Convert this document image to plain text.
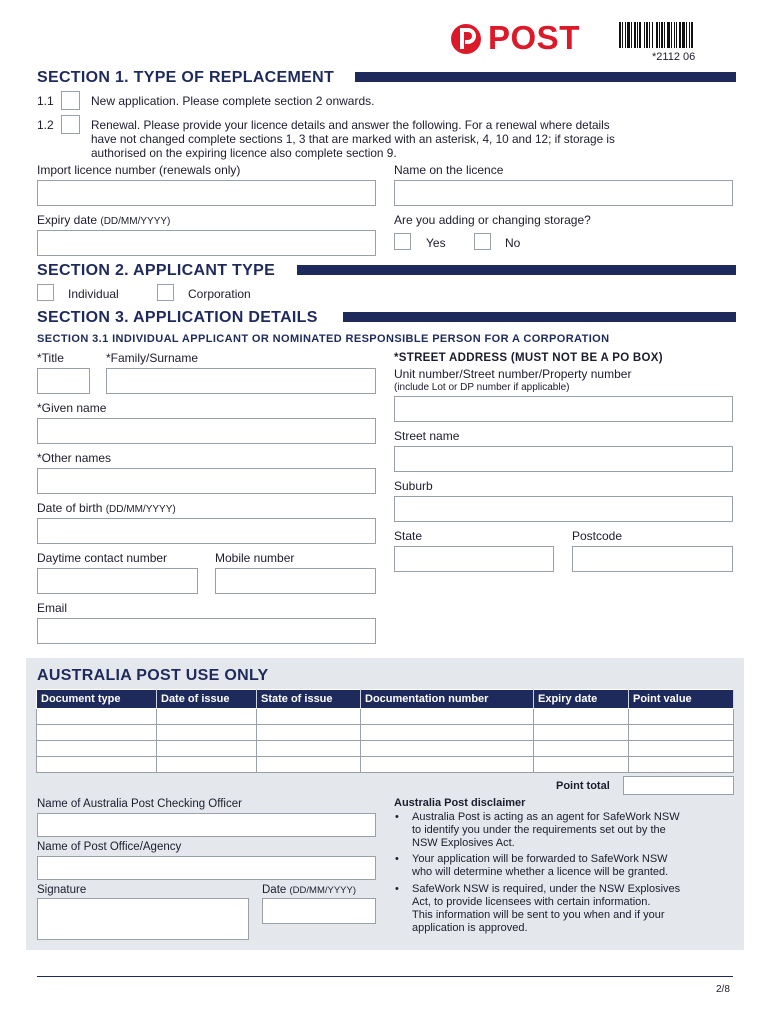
POST
*2112 06
SECTION 1. TYPE OF REPLACEMENT
1.1	New application. Please complete section 2 onwards.
1.2	Renewal. Please provide your licence details and answer the following. For a renewal where details
have not changed complete sections 1, 3 that are marked with an asterisk, 4, 10 and 12; if storage is
authorised on the expiring licence also complete section 9.
Import licence number (renewals only)	Name on the licence
Expiry date (DD/MM/YYYY)	Are you adding or changing storage?
Yes	No
SECTION 2. APPLICANT TYPE
Individual	Corporation
SECTION 3. APPLICATION DETAILS
SECTION 3.1 INDIVIDUAL APPLICANT OR NOMINATED RESPONSIBLE PERSON FOR A CORPORATION
*Title	*Family/Surname
*Given name
*Other names
Date of birth (DD/MM/YYYY)
Daytime contact number	Mobile number
Email
*STREET ADDRESS (MUST NOT BE A PO BOX)
Unit number/Street number/Property number
(include Lot or DP number if applicable)
Street name
Suburb
State	Postcode
AUSTRALIA POST USE ONLY
Document type	Date of issue	State of issue	Documentation number	Expiry date	Point value

Point total
Name of Australia Post Checking Officer
Name of Post Office/Agency
Signature	Date (DD/MM/YYYY)
Australia Post disclaimer
• Australia Post is acting as an agent for SafeWork NSW
to identify you under the requirements set out by the
NSW Explosives Act.
• Your application will be forwarded to SafeWork NSW
who will determine whether a licence will be granted.
• SafeWork NSW is required, under the NSW Explosives
Act, to provide licensees with certain information.
This information will be sent to you when and if your
application is approved.
2/8
